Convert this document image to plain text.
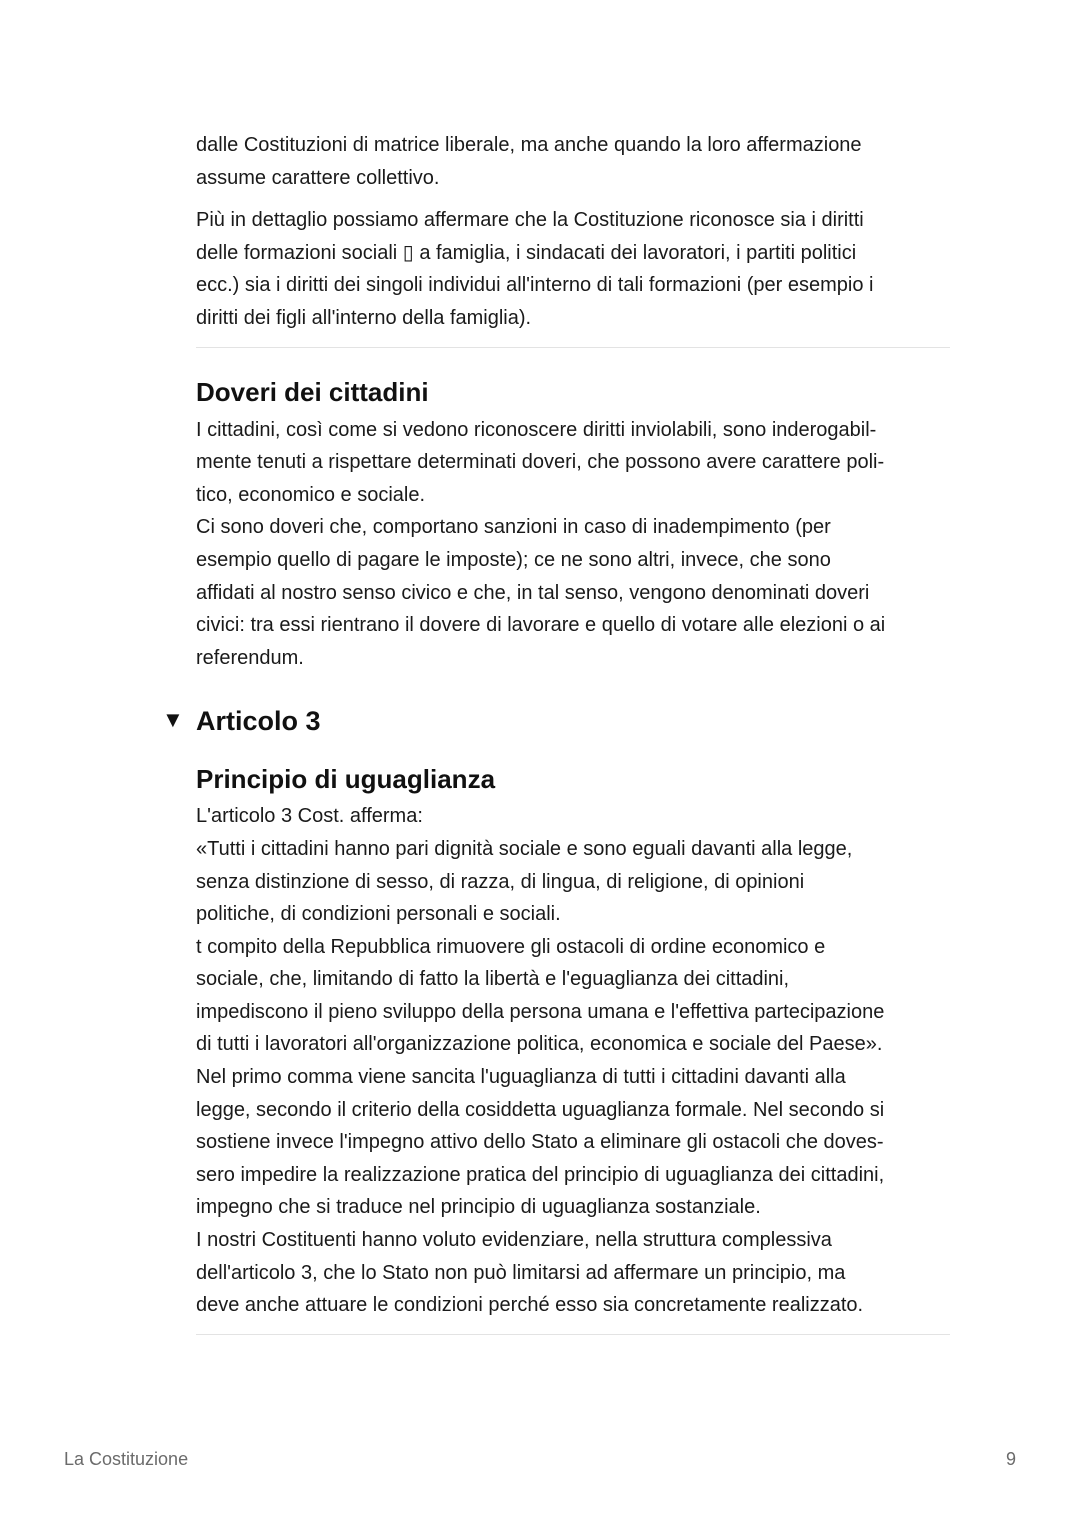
dalle Costituzioni di matrice liberale, ma anche quando la loro affermazione

assume carattere collettivo.

Più in dettaglio possiamo affermare che la Costituzione riconosce sia i diritti

delle formazioni sociali ▯ a famiglia, i sindacati dei lavoratori, i partiti politici

ecc.) sia i diritti dei singoli individui all'interno di tali formazioni (per esempio i

diritti dei figli all'interno della famiglia).

Doveri dei cittadini

I cittadini, così come si vedono riconoscere diritti inviolabili, sono inderogabil-

mente tenuti a rispettare determinati doveri, che possono avere carattere poli-

tico, economico e sociale.

Ci sono doveri che, comportano sanzioni in caso di inadempimento (per

esempio quello di pagare le imposte); ce ne sono altri, invece, che sono

affidati al nostro senso civico e che, in tal senso, vengono denominati doveri

civici: tra essi rientrano il dovere di lavorare e quello di votare alle elezioni o ai

referendum.

▼ Articolo 3
Principio di uguaglianza

L'articolo 3 Cost. afferma:

«Tutti i cittadini hanno pari dignità sociale e sono eguali davanti alla legge,

senza distinzione di sesso, di razza, di lingua, di religione, di opinioni

politiche, di condizioni personali e sociali.

t compito della Repubblica rimuovere gli ostacoli di ordine economico e

sociale, che, limitando di fatto la libertà e l'eguaglianza dei cittadini,

impediscono il pieno sviluppo della persona umana e l'effettiva partecipazione

di tutti i lavoratori all'organizzazione politica, economica e sociale del Paese».

Nel primo comma viene sancita l'uguaglianza di tutti i cittadini davanti alla

legge, secondo il criterio della cosiddetta uguaglianza formale. Nel secondo si

sostiene invece l'impegno attivo dello Stato a eliminare gli ostacoli che doves-

sero impedire la realizzazione pratica del principio di uguaglianza dei cittadini,

impegno che si traduce nel principio di uguaglianza sostanziale.

I nostri Costituenti hanno voluto evidenziare, nella struttura complessiva

dell'articolo 3, che lo Stato non può limitarsi ad affermare un principio, ma

deve anche attuare le condizioni perché esso sia concretamente realizzato.

La Costituzione	9
